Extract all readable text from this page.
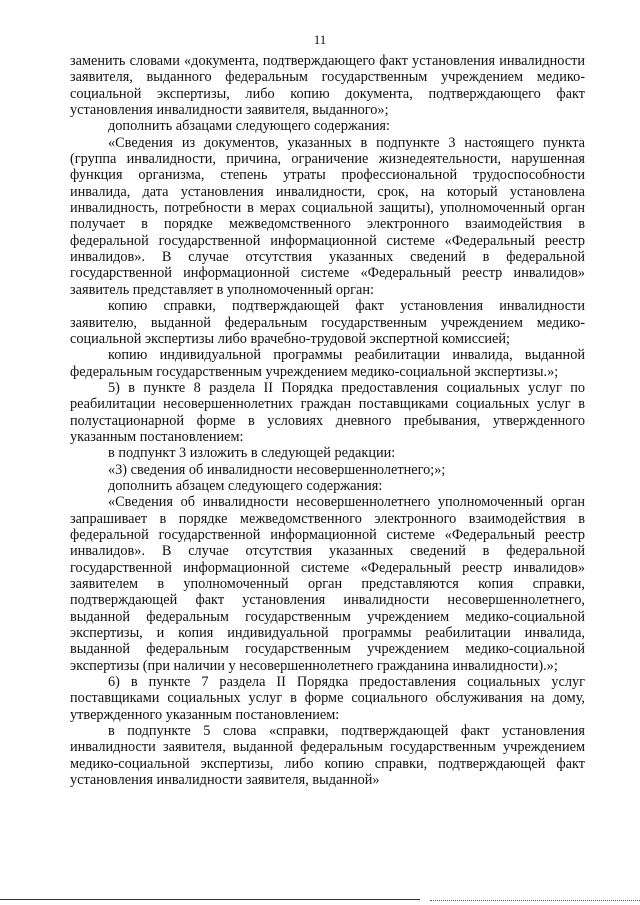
11

заменить словами «документа, подтверждающего факт установления инвалидности заявителя, выданного федеральным государственным учреждением медико-социальной экспертизы, либо копию документа, подтверждающего факт установления инвалидности заявителя, выданного»;

дополнить абзацами следующего содержания:

«Сведения из документов, указанных в подпункте 3 настоящего пункта (группа инвалидности, причина, ограничение жизнедеятельности, нарушенная функция организма, степень утраты профессиональной трудоспособности инвалида, дата установления инвалидности, срок, на который установлена инвалидность, потребности в мерах социальной защиты), уполномоченный орган получает в порядке межведомственного электронного взаимодействия в федеральной государственной информационной системе «Федеральный реестр инвалидов». В случае отсутствия указанных сведений в федеральной государственной информационной системе «Федеральный реестр инвалидов» заявитель представляет в уполномоченный орган:

копию справки, подтверждающей факт установления инвалидности заявителю, выданной федеральным государственным учреждением медико-социальной экспертизы либо врачебно-трудовой экспертной комиссией;

копию индивидуальной программы реабилитации инвалида, выданной федеральным государственным учреждением медико-социальной экспертизы.»;

5) в пункте 8 раздела II Порядка предоставления социальных услуг по реабилитации несовершеннолетних граждан поставщиками социальных услуг в полустационарной форме в условиях дневного пребывания, утвержденного указанным постановлением:

в подпункт 3 изложить в следующей редакции:

«3) сведения об инвалидности несовершеннолетнего;»;

дополнить абзацем следующего содержания:

«Сведения об инвалидности несовершеннолетнего уполномоченный орган запрашивает в порядке межведомственного электронного взаимодействия в федеральной государственной информационной системе «Федеральный реестр инвалидов». В случае отсутствия указанных сведений в федеральной государственной информационной системе «Федеральный реестр инвалидов» заявителем в уполномоченный орган представляются копия справки, подтверждающей факт установления инвалидности несовершеннолетнего, выданной федеральным государственным учреждением медико-социальной экспертизы, и копия индивидуальной программы реабилитации инвалида, выданной федеральным государственным учреждением медико-социальной экспертизы (при наличии у несовершеннолетнего гражданина инвалидности).»;

6) в пункте 7 раздела II Порядка предоставления социальных услуг поставщиками социальных услуг в форме социального обслуживания на дому, утвержденного указанным постановлением:

в подпункте 5 слова «справки, подтверждающей факт установления инвалидности заявителя, выданной федеральным государственным учреждением медико-социальной экспертизы, либо копию справки, подтверждающей факт установления инвалидности заявителя, выданной»
